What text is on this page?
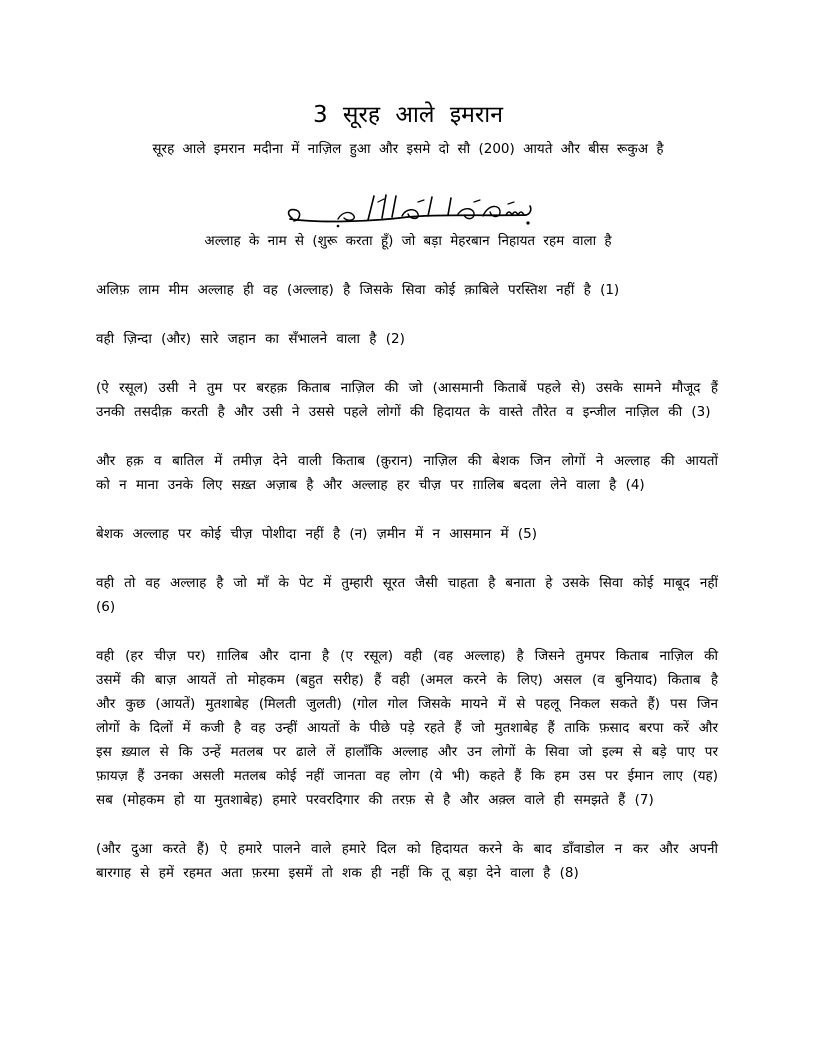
3 सूरह आले इमरान
सूरह आले इमरान मदीना में नाज़िल हुआ और इसमे दो सौ (200) आयते और बीस रूकुअ है
अल्लाह के नाम से (शुरू करता हूँ) जो बड़ा मेहरबान निहायत रहम वाला है

अलिफ़ लाम मीम अल्लाह ही वह (अल्लाह) है जिसके सिवा कोई क़ाबिले परस्तिश नहीं है (1)

वही ज़िन्दा (और) सारे जहान का सँभालने वाला है (2)

(ऐ रसूल) उसी ने तुम पर बरहक़ किताब नाज़िल की जो (आसमानी किताबें पहले से) उसके सामने मौजूद हैं उनकी तसदीक़ करती है और उसी ने उससे पहले लोगों की हिदायत के वास्ते तौरेत व इन्जील नाज़िल की (3)

और हक़ व बातिल में तमीज़ देने वाली किताब (क़ुरान) नाज़िल की बेशक जिन लोगों ने अल्लाह की आयतों को न माना उनके लिए सख़्त अज़ाब है और अल्लाह हर चीज़ पर ग़ालिब बदला लेने वाला है (4)

बेशक अल्लाह पर कोई चीज़ पोशीदा नहीं है (न) ज़मीन में न आसमान में (5)

वही तो वह अल्लाह है जो माँ के पेट में तुम्हारी सूरत जैसी चाहता है बनाता हे उसके सिवा कोई माबूद नहीं (6)

वही (हर चीज़ पर) ग़ालिब और दाना है (ए रसूल) वही (वह अल्लाह) है जिसने तुमपर किताब नाज़िल की उसमें की बाज़ आयतें तो मोहकम (बहुत सरीह) हैं वही (अमल करने के लिए) असल (व बुनियाद) किताब है और कुछ (आयतें) मुतशाबेह (मिलती जुलती) (गोल गोल जिसके मायने में से पहलू निकल सकते हैं) पस जिन लोगों के दिलों में कजी है वह उन्हीं आयतों के पीछे पड़े रहते हैं जो मुतशाबेह हैं ताकि फ़साद बरपा करें और इस ख़्याल से कि उन्हें मतलब पर ढाले लें हालाँकि अल्लाह और उन लोगों के सिवा जो इल्म से बड़े पाए पर फ़ायज़ हैं उनका असली मतलब कोई नहीं जानता वह लोग (ये भी) कहते हैं कि हम उस पर ईमान लाए (यह) सब (मोहकम हो या मुतशाबेह) हमारे परवरदिगार की तरफ़ से है और अक़्ल वाले ही समझते हैं (7)

(और दुआ करते हैं) ऐ हमारे पालने वाले हमारे दिल को हिदायत करने के बाद डाँवाडोल न कर और अपनी बारगाह से हमें रहमत अता फ़रमा इसमें तो शक ही नहीं कि तू बड़ा देने वाला है (8)
